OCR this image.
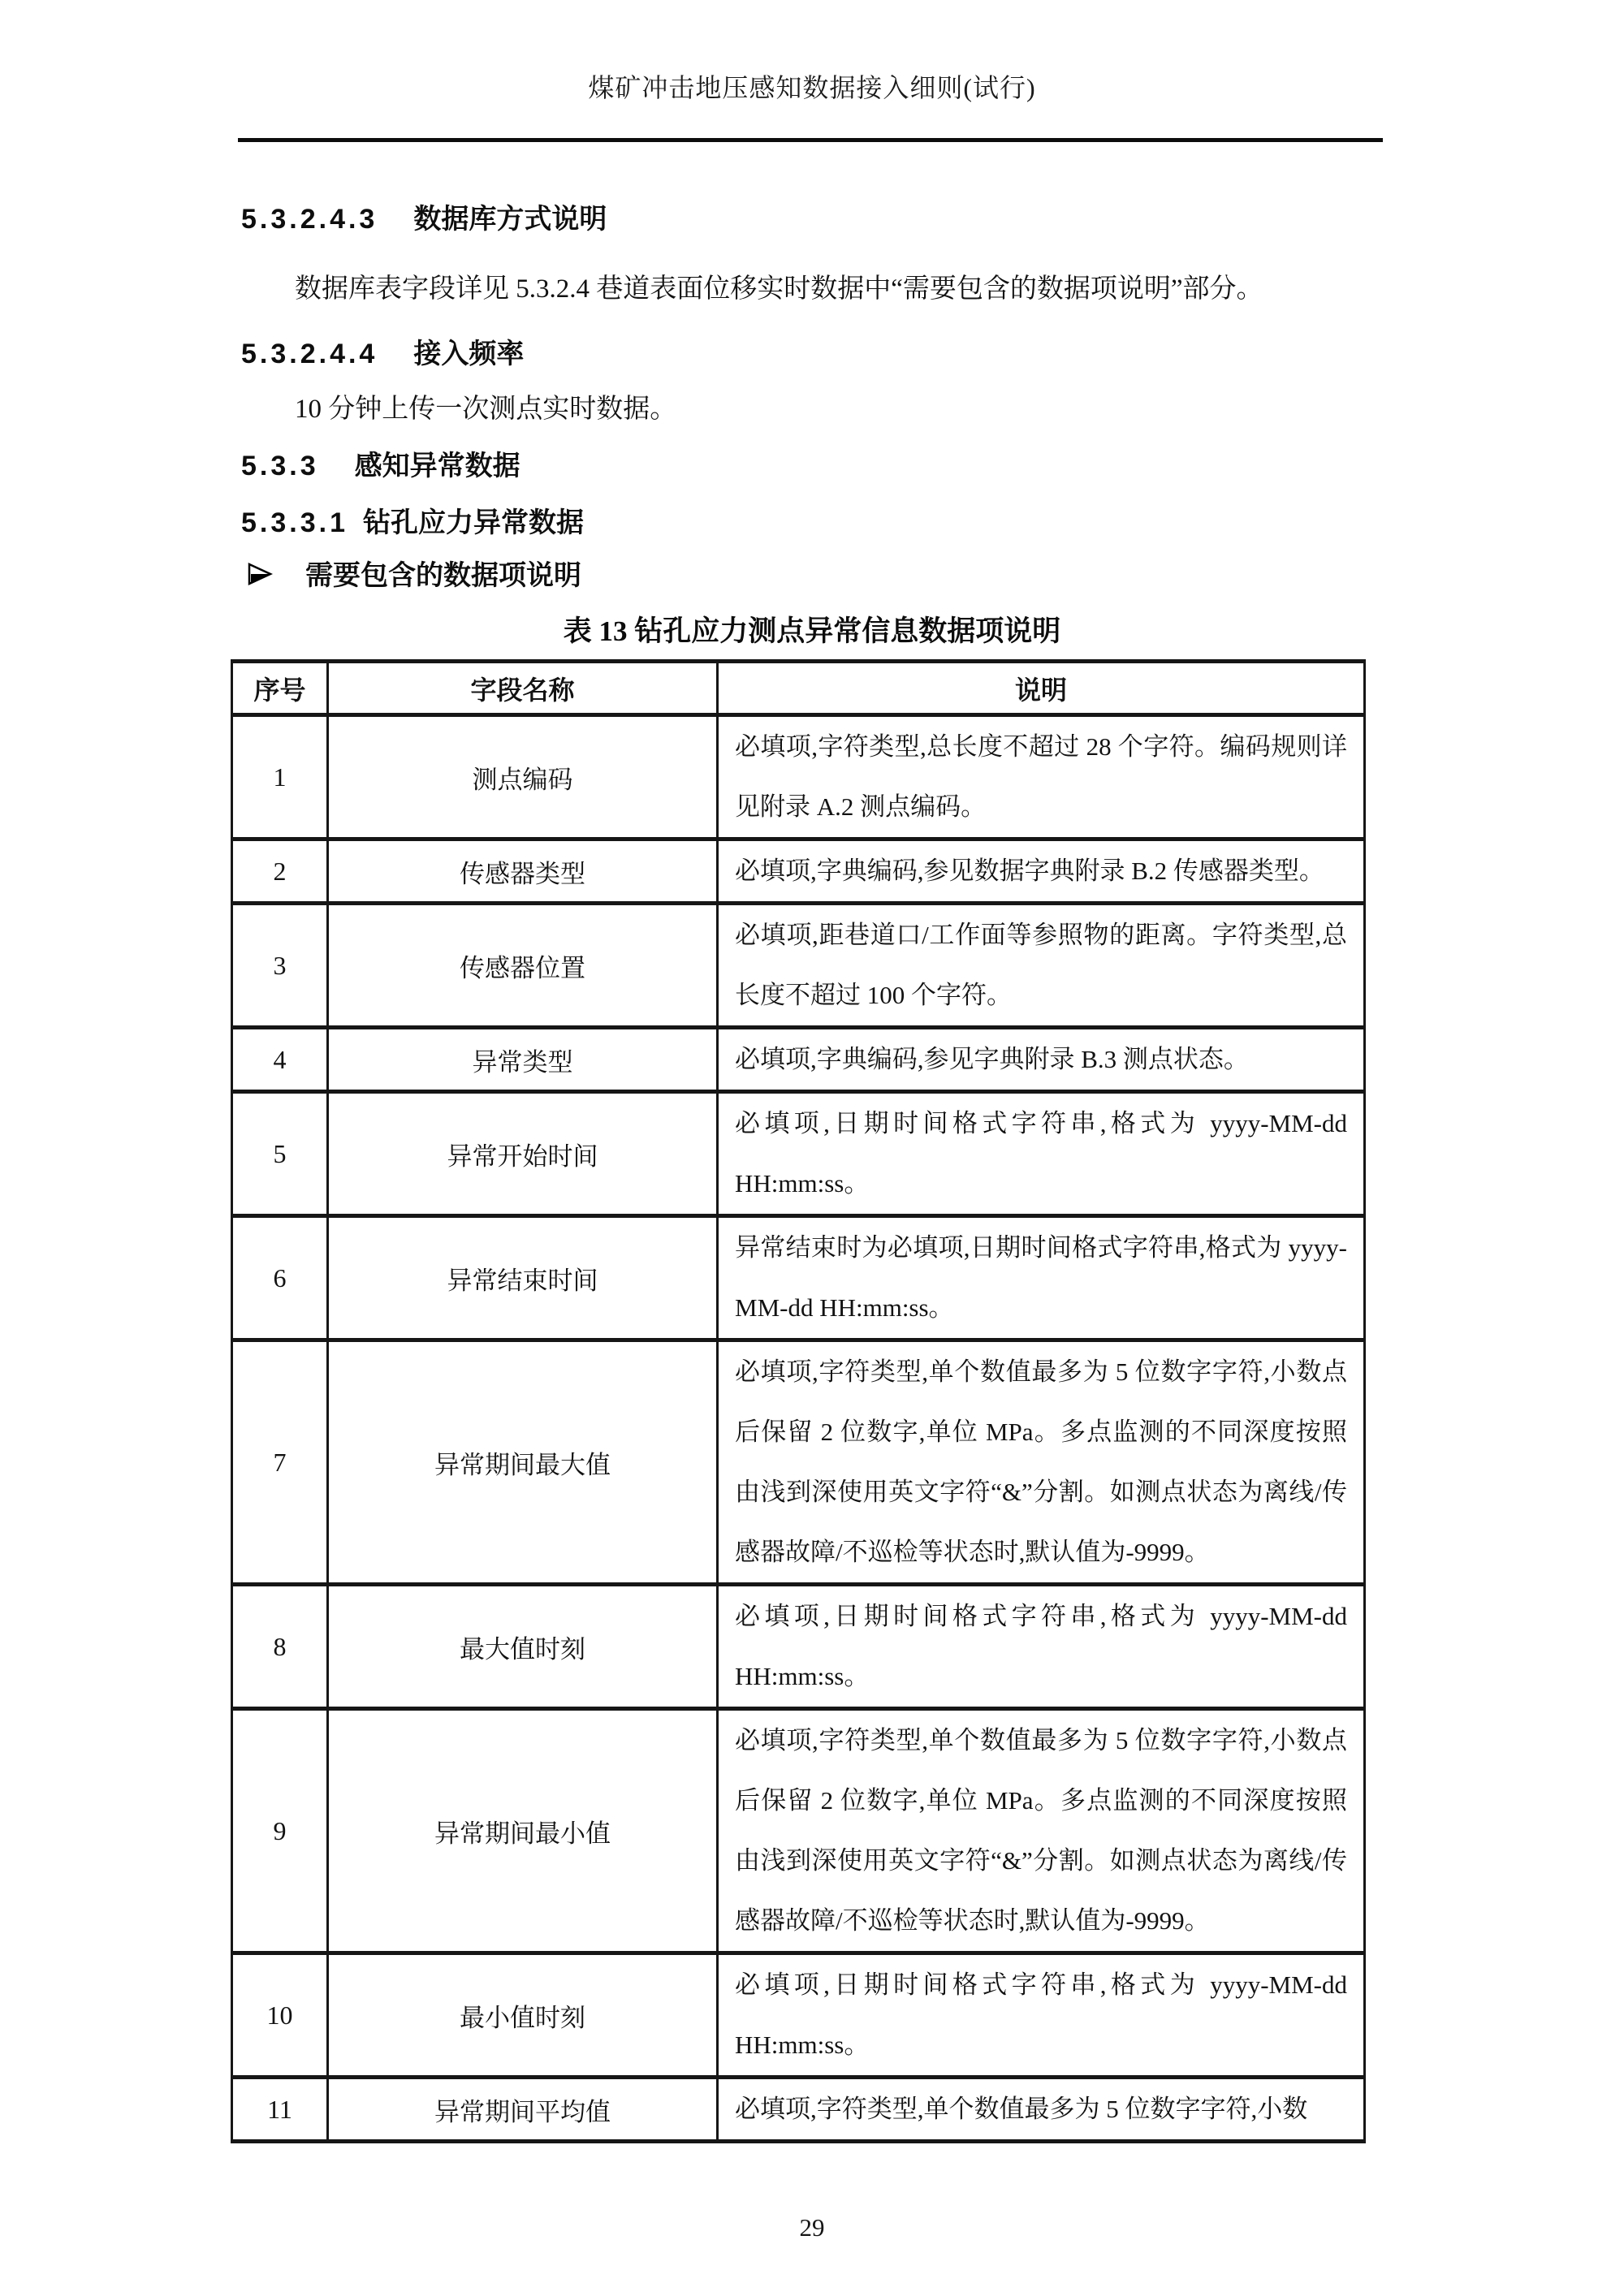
煤矿冲击地压感知数据接入细则(试行)
5.3.2.4.3 数据库方式说明

数据库表字段详见 5.3.2.4 巷道表面位移实时数据中“需要包含的数据项说明”部分。

5.3.2.4.4 接入频率

10 分钟上传一次测点实时数据。

5.3.3 感知异常数据
5.3.3.1 钻孔应力异常数据
需要包含的数据项说明
表 13 钻孔应力测点异常信息数据项说明
序号	字段名称	说明
1	测点编码	必填项,字符类型,总长度不超过 28 个字符。编码规则详见附录 A.2 测点编码。
2	传感器类型	必填项,字典编码,参见数据字典附录 B.2 传感器类型。
3	传感器位置	必填项,距巷道口/工作面等参照物的距离。字符类型,总长度不超过 100 个字符。
4	异常类型	必填项,字典编码,参见字典附录 B.3 测点状态。
5	异常开始时间	必填项,日期时间格式字符串,格式为 yyyy-MM-dd HH:mm:ss。
6	异常结束时间	异常结束时为必填项,日期时间格式字符串,格式为 yyyy-MM-dd HH:mm:ss。
7	异常期间最大值	必填项,字符类型,单个数值最多为 5 位数字字符,小数点后保留 2 位数字,单位 MPa。多点监测的不同深度按照由浅到深使用英文字符“&”分割。如测点状态为离线/传感器故障/不巡检等状态时,默认值为-9999。
8	最大值时刻	必填项,日期时间格式字符串,格式为 yyyy-MM-dd HH:mm:ss。
9	异常期间最小值	必填项,字符类型,单个数值最多为 5 位数字字符,小数点后保留 2 位数字,单位 MPa。多点监测的不同深度按照由浅到深使用英文字符“&”分割。如测点状态为离线/传感器故障/不巡检等状态时,默认值为-9999。
10	最小值时刻	必填项,日期时间格式字符串,格式为 yyyy-MM-dd HH:mm:ss。
11	异常期间平均值	必填项,字符类型,单个数值最多为 5 位数字字符,小数
29
